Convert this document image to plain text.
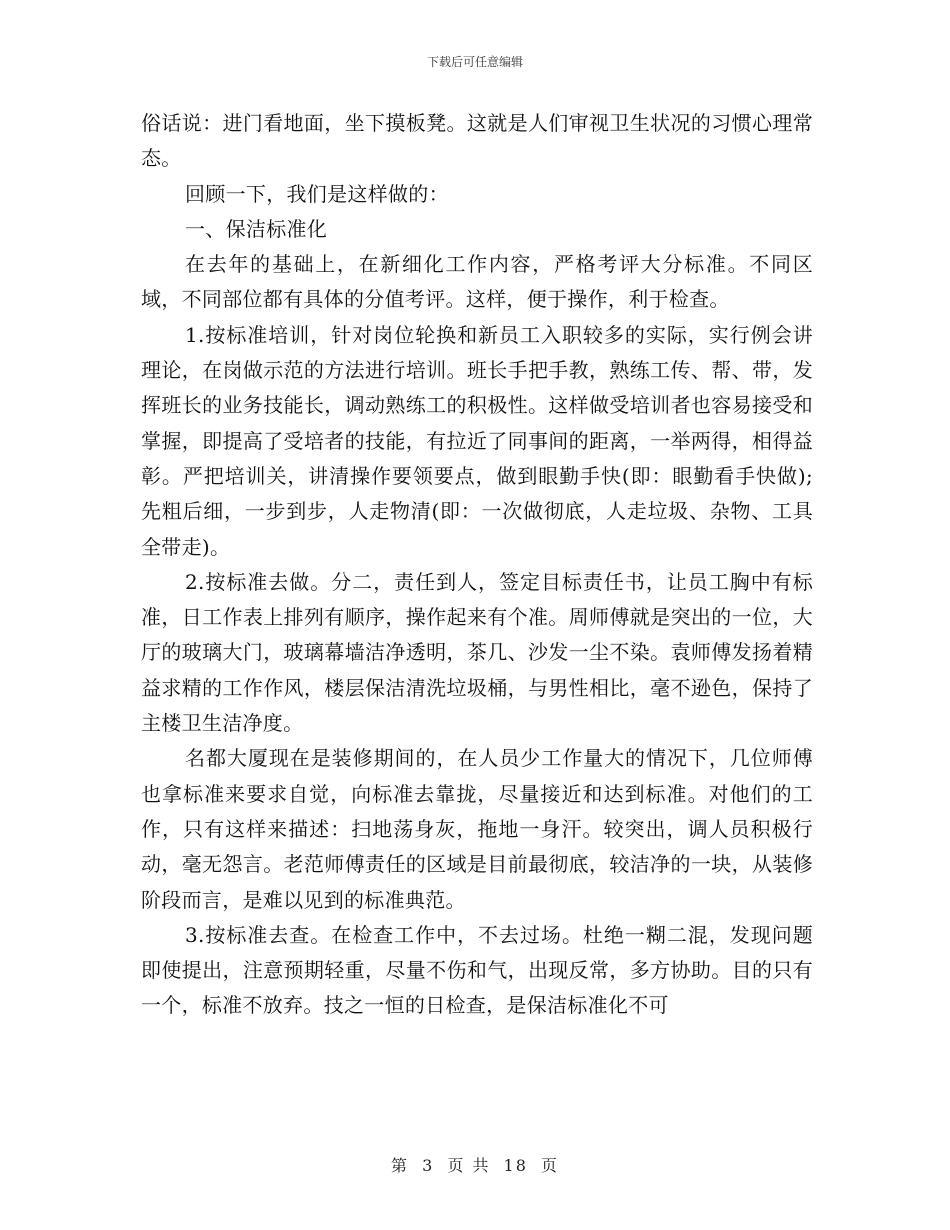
下载后可任意编辑

俗话说：进门看地面，坐下摸板凳。这就是人们审视卫生状况的习惯心理常态。

回顾一下，我们是这样做的：

一、保洁标准化

在去年的基础上，在新细化工作内容，严格考评大分标准。不同区域，不同部位都有具体的分值考评。这样，便于操作，利于检查。

1.按标准培训，针对岗位轮换和新员工入职较多的实际，实行例会讲理论，在岗做示范的方法进行培训。班长手把手教，熟练工传、帮、带，发挥班长的业务技能长，调动熟练工的积极性。这样做受培训者也容易接受和掌握，即提高了受培者的技能，有拉近了同事间的距离，一举两得，相得益彰。严把培训关，讲清操作要领要点，做到眼勤手快(即：眼勤看手快做);先粗后细，一步到步，人走物清(即：一次做彻底，人走垃圾、杂物、工具全带走)。

2.按标准去做。分二，责任到人，签定目标责任书，让员工胸中有标准，日工作表上排列有顺序，操作起来有个准。周师傅就是突出的一位，大厅的玻璃大门，玻璃幕墙洁净透明，茶几、沙发一尘不染。袁师傅发扬着精益求精的工作作风，楼层保洁清洗垃圾桶，与男性相比，毫不逊色，保持了主楼卫生洁净度。

名都大厦现在是装修期间的，在人员少工作量大的情况下，几位师傅也拿标准来要求自觉，向标准去靠拢，尽量接近和达到标准。对他们的工作，只有这样来描述：扫地荡身灰，拖地一身汗。较突出，调人员积极行动，毫无怨言。老范师傅责任的区域是目前最彻底，较洁净的一块，从装修阶段而言，是难以见到的标准典范。

3.按标准去查。在检查工作中，不去过场。杜绝一糊二混，发现问题即使提出，注意预期轻重，尽量不伤和气，出现反常，多方协助。目的只有一个，标准不放弃。技之一恒的日检查，是保洁标准化不可

第 3 页 共 18 页
